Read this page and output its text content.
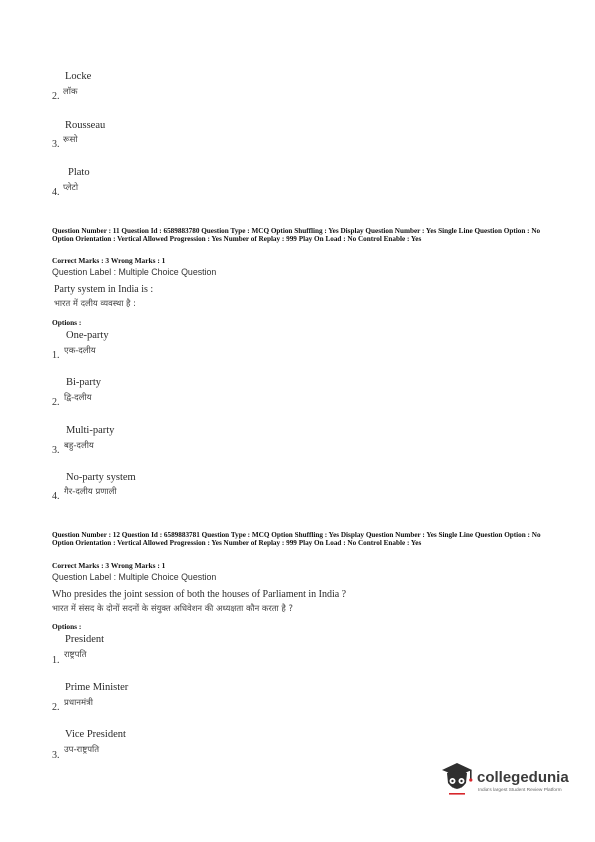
Locke
2. लॉक
Rousseau
3. रूसो
Plato
4. प्लेटो
Question Number : 11 Question Id : 6589883780 Question Type : MCQ Option Shuffling : Yes Display Question Number : Yes Single Line Question Option : No Option Orientation : Vertical Allowed Progression : Yes Number of Replay : 999 Play On Load : No Control Enable : Yes
Correct Marks : 3 Wrong Marks : 1
Question Label : Multiple Choice Question
Party system in India is :
भारत में दलीय व्यवस्था है :
Options :
One-party
1. एक-दलीय
Bi-party
2. द्वि-दलीय
Multi-party
3. बहु-दलीय
No-party system
4. गैर-दलीय प्रणाली
Question Number : 12 Question Id : 6589883781 Question Type : MCQ Option Shuffling : Yes Display Question Number : Yes Single Line Question Option : No Option Orientation : Vertical Allowed Progression : Yes Number of Replay : 999 Play On Load : No Control Enable : Yes
Correct Marks : 3 Wrong Marks : 1
Question Label : Multiple Choice Question
Who presides the joint session of both the houses of Parliament in India ?
भारत में संसद के दोनों सदनों के संयुक्त अधिवेशन की अध्यक्षता कौन करता है ?
Options :
President
1. राष्ट्रपति
Prime Minister
2. प्रधानमंत्री
Vice President
3. उप-राष्ट्रपति
collegedunia
India's largest Student Review Platform
